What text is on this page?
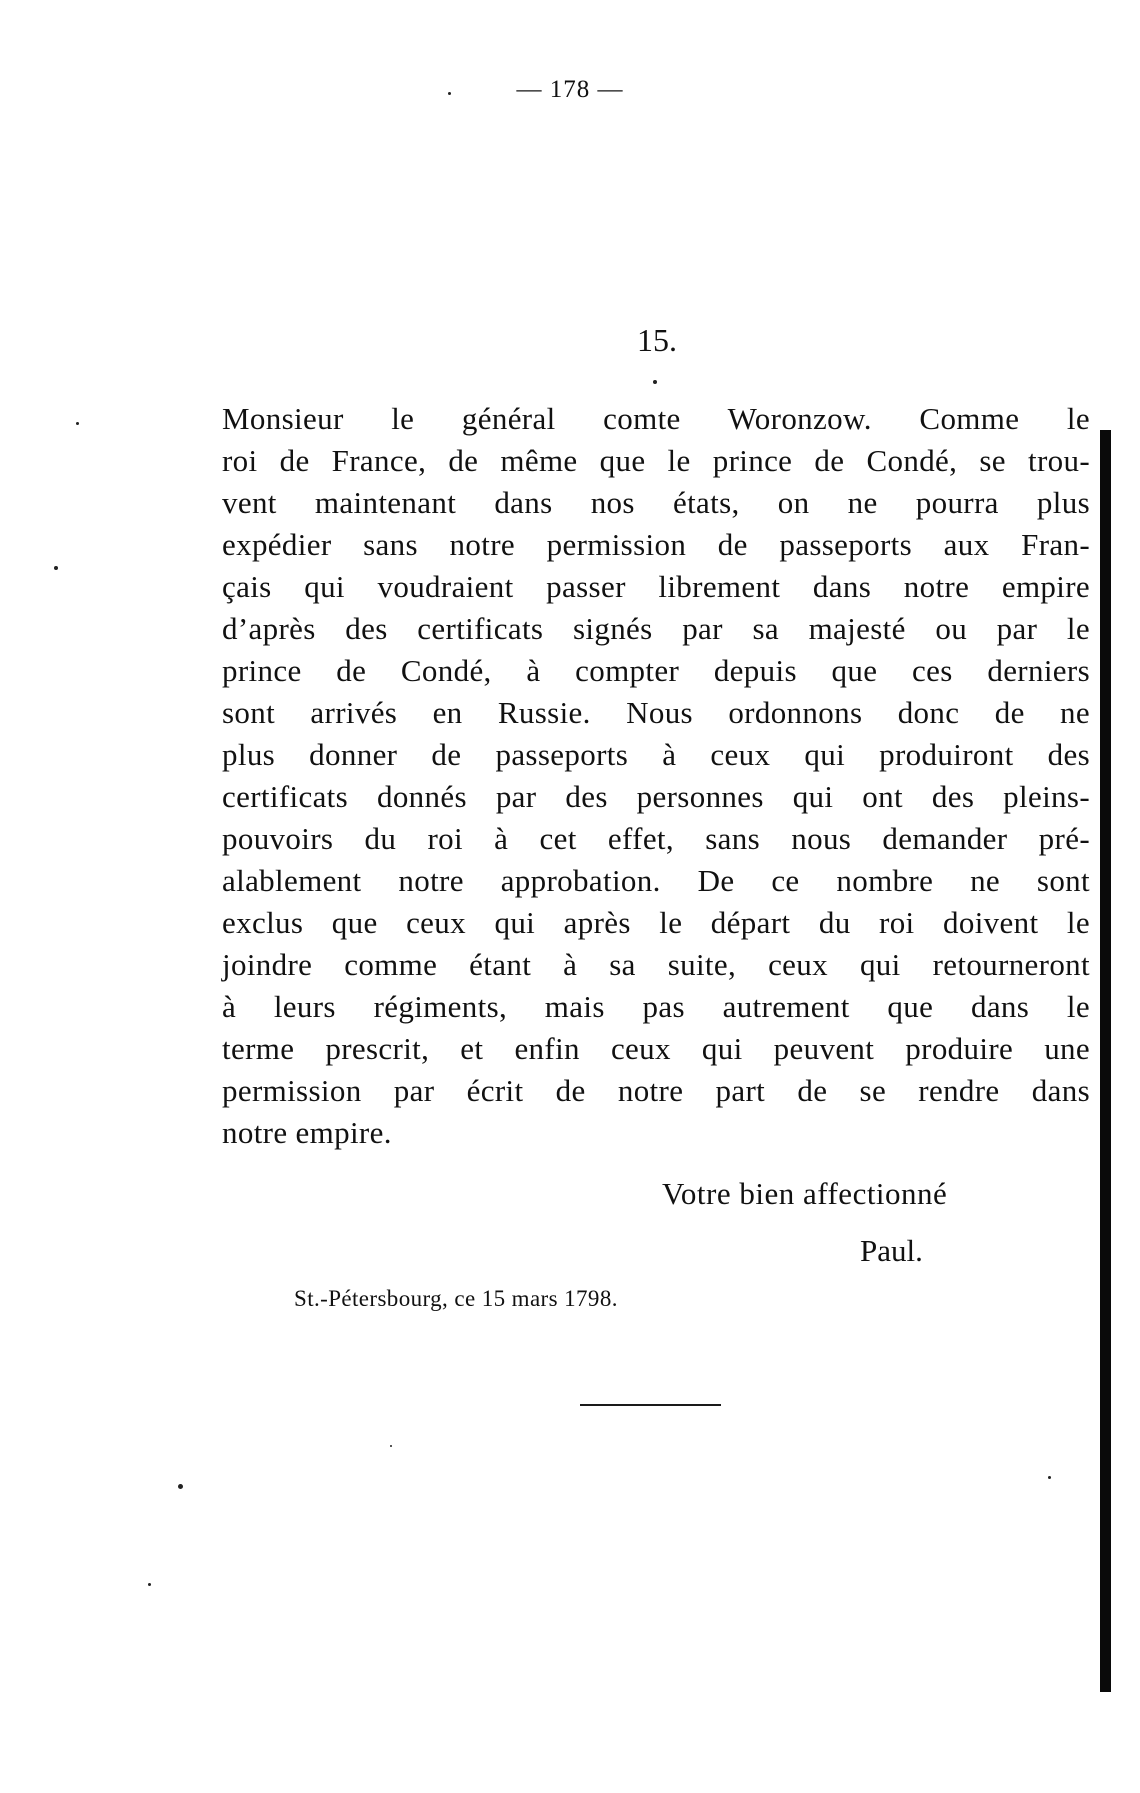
— 178 —
15.
Monsieur le général comte Woronzow. Comme le
roi de France, de même que le prince de Condé, se trou-
vent maintenant dans nos états, on ne pourra plus
expédier sans notre permission de passeports aux Fran-
çais qui voudraient passer librement dans notre empire
d’après des certificats signés par sa majesté ou par le
prince de Condé, à compter depuis que ces derniers
sont arrivés en Russie. Nous ordonnons donc de ne
plus donner de passeports à ceux qui produiront des
certificats donnés par des personnes qui ont des pleins-
pouvoirs du roi à cet effet, sans nous demander pré-
alablement notre approbation. De ce nombre ne sont
exclus que ceux qui après le départ du roi doivent le
joindre comme étant à sa suite, ceux qui retourneront
à leurs régiments, mais pas autrement que dans le
terme prescrit, et enfin ceux qui peuvent produire une
permission par écrit de notre part de se rendre dans
notre empire.
Votre bien affectionné
Paul.
St.-Pétersbourg, ce 15 mars 1798.
